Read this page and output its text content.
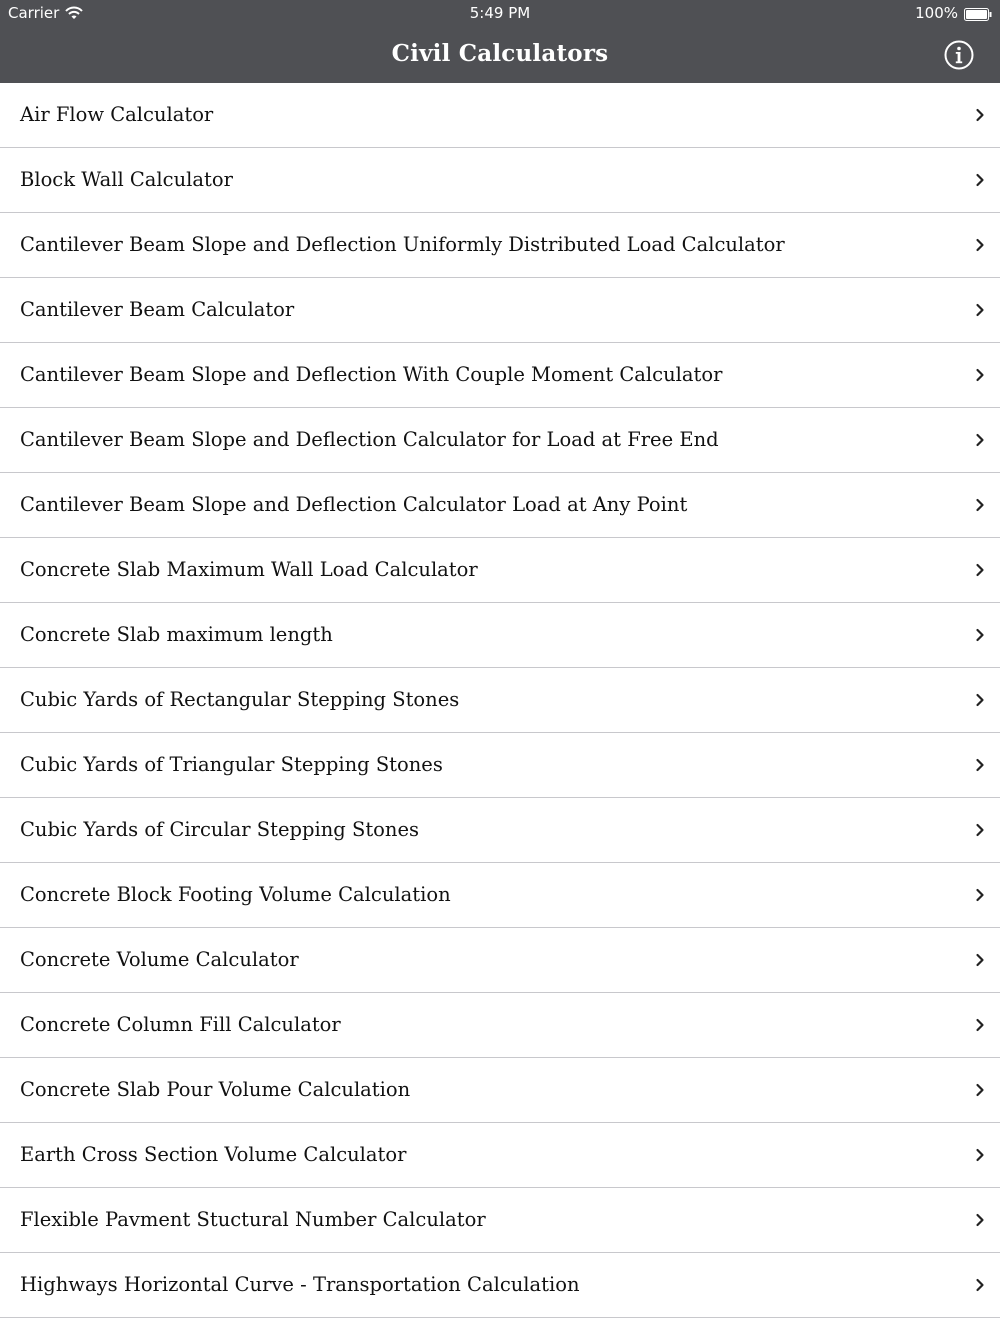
Carrier	5:49 PM	100%
Civil Calculators
Air Flow Calculator
Block Wall Calculator
Cantilever Beam Slope and Deflection Uniformly Distributed Load Calculator
Cantilever Beam Calculator
Cantilever Beam Slope and Deflection With Couple Moment Calculator
Cantilever Beam Slope and Deflection Calculator for Load at Free End
Cantilever Beam Slope and Deflection Calculator Load at Any Point
Concrete Slab Maximum Wall Load Calculator
Concrete Slab maximum length
Cubic Yards of Rectangular Stepping Stones
Cubic Yards of Triangular Stepping Stones
Cubic Yards of Circular Stepping Stones
Concrete Block Footing Volume Calculation
Concrete Volume Calculator
Concrete Column Fill Calculator
Concrete Slab Pour Volume Calculation
Earth Cross Section Volume Calculator
Flexible Pavment Stuctural Number Calculator
Highways Horizontal Curve - Transportation Calculation
